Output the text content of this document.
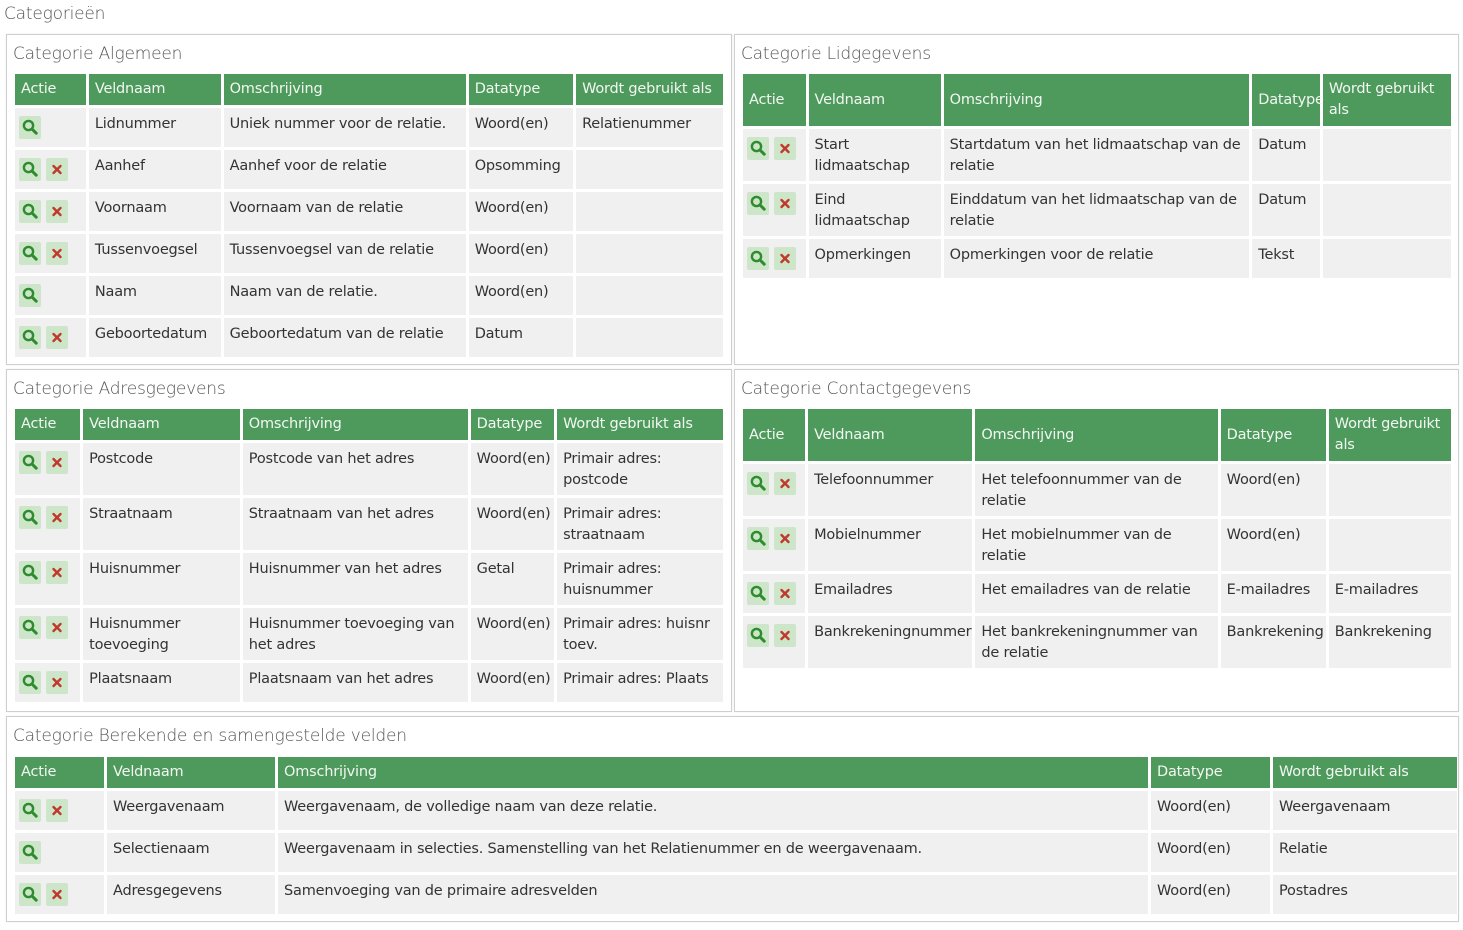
Categorieën
Categorie Algemeen
Actie	Veldnaam	Omschrijving	Datatype	Wordt gebruikt als

	Lidnummer	Uniek nummer voor de relatie.	Woord(en)	Relatienummer

	Aanhef	Aanhef voor de relatie	Opsomming	

	Voornaam	Voornaam van de relatie	Woord(en)	

	Tussenvoegsel	Tussenvoegsel van de relatie	Woord(en)	

	Naam	Naam van de relatie.	Woord(en)	

	Geboortedatum	Geboortedatum van de relatie	Datum	
Categorie Lidgegevens
Actie	Veldnaam	Omschrijving	Datatype	Wordt gebruikt als

	Start lidmaatschap	Startdatum van het lidmaatschap van de relatie	Datum	

	Eind lidmaatschap	Einddatum van het lidmaatschap van de relatie	Datum	

	Opmerkingen	Opmerkingen voor de relatie	Tekst	
Categorie Adresgegevens
Actie	Veldnaam	Omschrijving	Datatype	Wordt gebruikt als

	Postcode	Postcode van het adres	Woord(en)	Primair adres: postcode

	Straatnaam	Straatnaam van het adres	Woord(en)	Primair adres: straatnaam

	Huisnummer	Huisnummer van het adres	Getal	Primair adres: huisnummer

	Huisnummer toevoeging	Huisnummer toevoeging van het adres	Woord(en)	Primair adres: huisnr toev.

	Plaatsnaam	Plaatsnaam van het adres	Woord(en)	Primair adres: Plaats
Categorie Contactgegevens
Actie	Veldnaam	Omschrijving	Datatype	Wordt gebruikt als

	Telefoonnummer	Het telefoonnummer van de relatie	Woord(en)	

	Mobielnummer	Het mobielnummer van de relatie	Woord(en)	

	Emailadres	Het emailadres van de relatie	E-mailadres	E-mailadres

	Bankrekeningnummer	Het bankrekeningnummer van de relatie	Bankrekening	Bankrekening
Categorie Berekende en samengestelde velden
Actie	Veldnaam	Omschrijving	Datatype	Wordt gebruikt als

	Weergavenaam	Weergavenaam, de volledige naam van deze relatie.	Woord(en)	Weergavenaam

	Selectienaam	Weergavenaam in selecties. Samenstelling van het Relatienummer en de weergavenaam.	Woord(en)	Relatie

	Adresgegevens	Samenvoeging van de primaire adresvelden	Woord(en)	Postadres
